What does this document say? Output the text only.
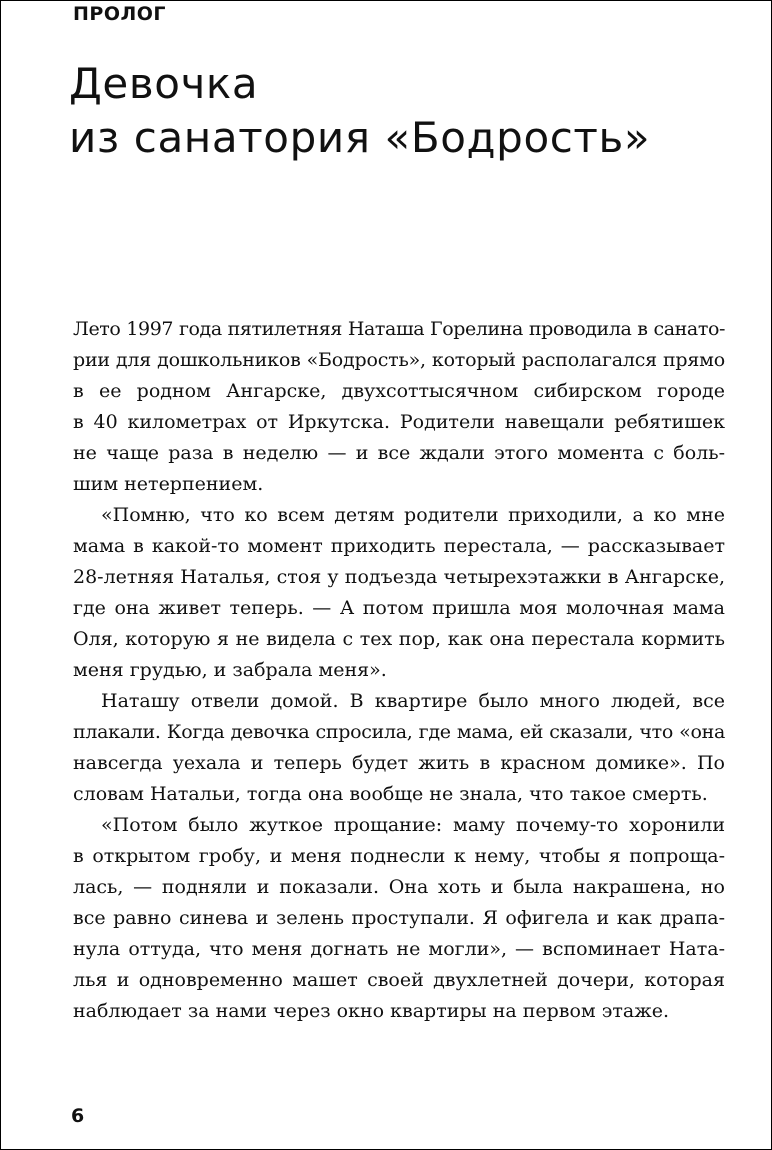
ПРОЛОГ

Девочка
из санатория «Бодрость»
Лето 1997 года пятилетняя Наташа Горелина проводила в санато-
рии для дошкольников «Бодрость», который располагался прямо
в ее родном Ангарске, двухсоттысячном сибирском городе
в 40 километрах от Иркутска. Родители навещали ребятишек
не чаще раза в неделю — и все ждали этого момента с боль-
шим нетерпением.
«Помню, что ко всем детям родители приходили, а ко мне
мама в какой-то момент приходить перестала, — рассказывает
28-летняя Наталья, стоя у подъезда четырехэтажки в Ангарске,
где она живет теперь. — А потом пришла моя молочная мама
Оля, которую я не видела с тех пор, как она перестала кормить
меня грудью, и забрала меня».
Наташу отвели домой. В квартире было много людей, все
плакали. Когда девочка спросила, где мама, ей сказали, что «она
навсегда уехала и теперь будет жить в красном домике». По
словам Натальи, тогда она вообще не знала, что такое смерть.
«Потом было жуткое прощание: маму почему-то хоронили
в открытом гробу, и меня поднесли к нему, чтобы я попроща-
лась, — подняли и показали. Она хоть и была накрашена, но
все равно синева и зелень проступали. Я офигела и как драпа-
нула оттуда, что меня догнать не могли», — вспоминает Ната-
лья и одновременно машет своей двухлетней дочери, которая
наблюдает за нами через окно квартиры на первом этаже.

6
